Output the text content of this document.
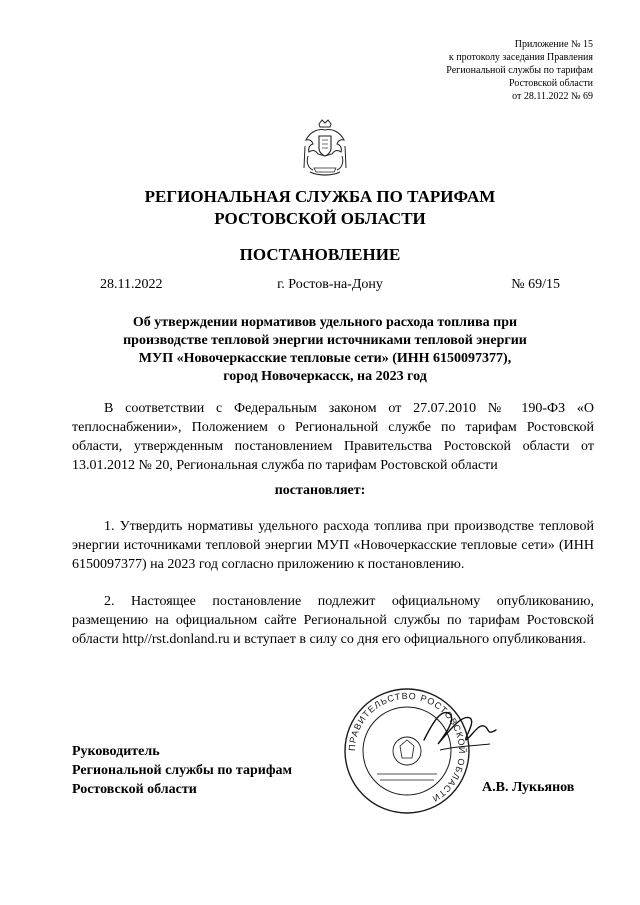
Приложение № 15
к протоколу заседания Правления
Региональной службы по тарифам
Ростовской области
от 28.11.2022 № 69
РЕГИОНАЛЬНАЯ СЛУЖБА ПО ТАРИФАМ
РОСТОВСКОЙ ОБЛАСТИ
ПОСТАНОВЛЕНИЕ
г. Ростов-на-Дону
28.11.2022	№ 69/15
Об утверждении нормативов удельного расхода топлива при
производстве тепловой энергии источниками тепловой энергии
МУП «Новочеркасские тепловые сети» (ИНН 6150097377),
город Новочеркасск, на 2023 год
В соответствии с Федеральным законом от 27.07.2010 № 190-ФЗ «О теплоснабжении», Положением о Региональной службе по тарифам Ростовской области, утвержденным постановлением Правительства Ростовской области от 13.01.2012 № 20, Региональная служба по тарифам Ростовской области
постановляет:
1. Утвердить нормативы удельного расхода топлива при производстве тепловой энергии источниками тепловой энергии МУП «Новочеркасские тепловые сети» (ИНН 6150097377) на 2023 год согласно приложению к постановлению.
2. Настоящее постановление подлежит официальному опубликованию, размещению на официальном сайте Региональной службы по тарифам Ростовской области http//rst.donland.ru и вступает в силу со дня его официального опубликования.
ПРАВИТЕЛЬСТВО РОСТОВСКОЙ ОБЛАСТИ
Руководитель
Региональной службы по тарифам
Ростовской области	А.В. Лукьянов
